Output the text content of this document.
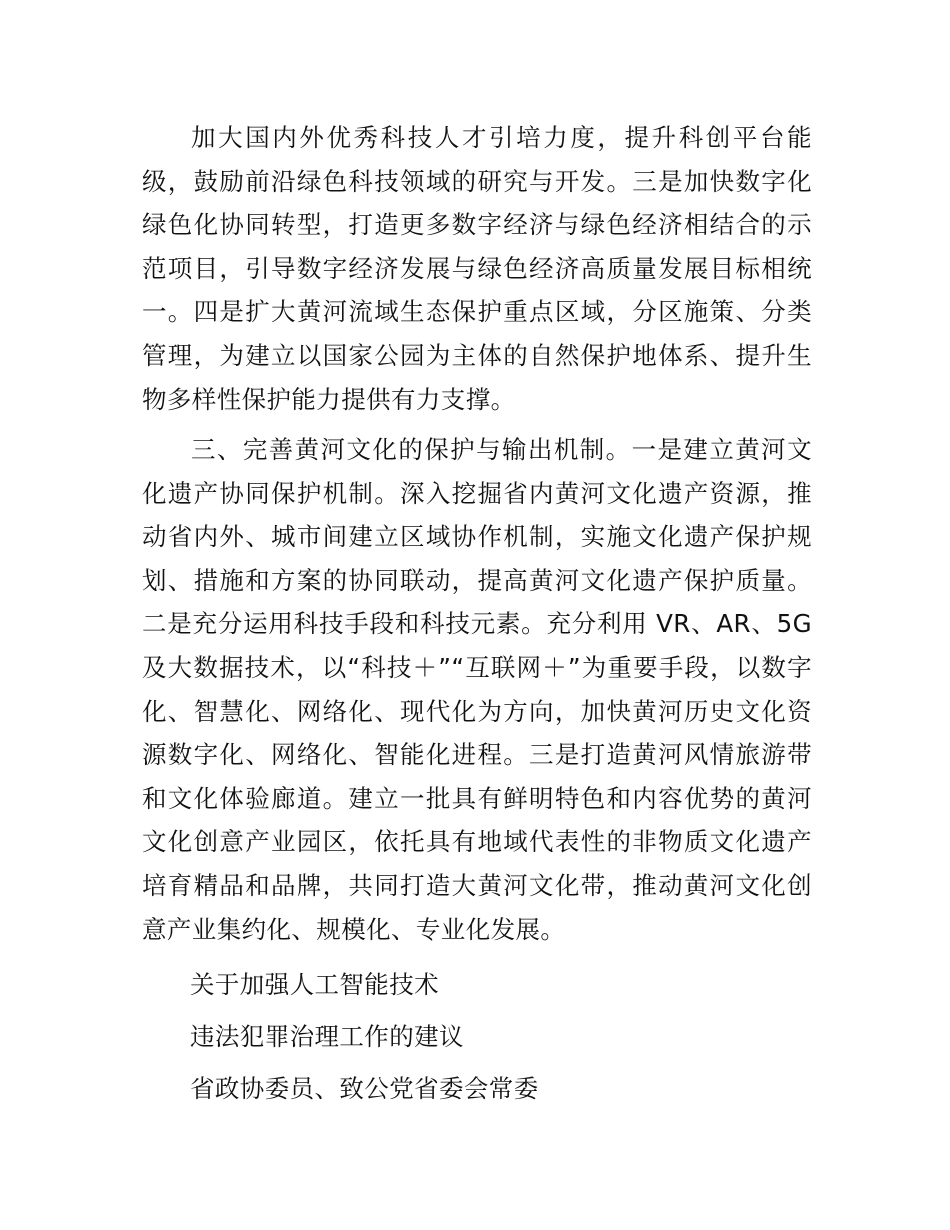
加大国内外优秀科技人才引培力度，提升科创平台能级，鼓励前沿绿色科技领域的研究与开发。三是加快数字化绿色化协同转型，打造更多数字经济与绿色经济相结合的示范项目，引导数字经济发展与绿色经济高质量发展目标相统一。四是扩大黄河流域生态保护重点区域，分区施策、分类管理，为建立以国家公园为主体的自然保护地体系、提升生物多样性保护能力提供有力支撑。

三、完善黄河文化的保护与输出机制。一是建立黄河文化遗产协同保护机制。深入挖掘省内黄河文化遗产资源，推动省内外、城市间建立区域协作机制，实施文化遗产保护规划、措施和方案的协同联动，提高黄河文化遗产保护质量。二是充分运用科技手段和科技元素。充分利用 VR、AR、5G 及大数据技术，以“科技＋”“互联网＋”为重要手段，以数字化、智慧化、网络化、现代化为方向，加快黄河历史文化资源数字化、网络化、智能化进程。三是打造黄河风情旅游带和文化体验廊道。建立一批具有鲜明特色和内容优势的黄河文化创意产业园区，依托具有地域代表性的非物质文化遗产培育精品和品牌，共同打造大黄河文化带，推动黄河文化创意产业集约化、规模化、专业化发展。

关于加强人工智能技术

违法犯罪治理工作的建议

省政协委员、致公党省委会常委
